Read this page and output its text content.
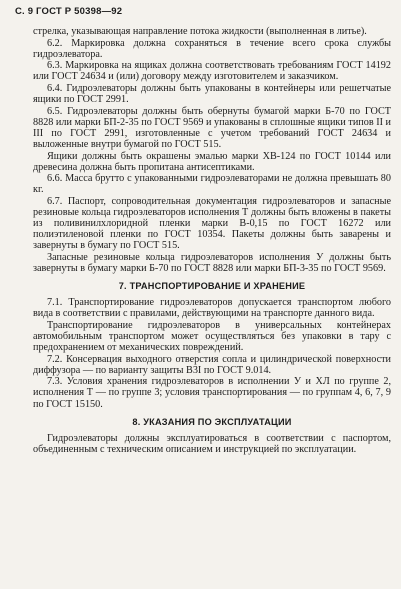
С. 9 ГОСТ Р 50398—92

стрелка, указывающая направление потока жидкости (выполненная в литье).

6.2. Маркировка должна сохраняться в течение всего срока службы гидроэлеватора.

6.3. Маркировка на ящиках должна соответствовать требованиям ГОСТ 14192 или ГОСТ 24634 и (или) договору между изготовителем и заказчиком.

6.4. Гидроэлеваторы должны быть упакованы в контейнеры или решетчатые ящики по ГОСТ 2991.

6.5. Гидроэлеваторы должны быть обернуты бумагой марки Б-70 по ГОСТ 8828 или марки БП-2-35 по ГОСТ 9569 и упакованы в сплошные ящики типов II и III по ГОСТ 2991, изготовленные с учетом требований ГОСТ 24634 и выложенные внутри бумагой по ГОСТ 515.

Ящики должны быть окрашены эмалью марки ХВ-124 по ГОСТ 10144 или древесина должна быть пропитана антисептиками.

6.6. Масса брутто с упакованными гидроэлеваторами не должна превышать 80 кг.

6.7. Паспорт, сопроводительная документация гидроэлеваторов и запасные резиновые кольца гидроэлеваторов исполнения Т должны быть вложены в пакеты из поливинилхлоридной пленки марки В-0,15 по ГОСТ 16272 или полиэтиленовой пленки по ГОСТ 10354. Пакеты должны быть заварены и завернуты в бумагу по ГОСТ 515.

Запасные резиновые кольца гидроэлеваторов исполнения У должны быть завернуты в бумагу марки Б-70 по ГОСТ 8828 или марки БП-3-35 по ГОСТ 9569.

7. ТРАНСПОРТИРОВАНИЕ И ХРАНЕНИЕ

7.1. Транспортирование гидроэлеваторов допускается транспортом любого вида в соответствии с правилами, действующими на транспорте данного вида.

Транспортирование гидроэлеваторов в универсальных контейнерах автомобильным транспортом может осуществляться без упаковки в тару с предохранением от механических повреждений.

7.2. Консервация выходного отверстия сопла и цилиндрической поверхности диффузора — по варианту защиты В3I по ГОСТ 9.014.

7.3. Условия хранения гидроэлеваторов в исполнении У и ХЛ по группе 2, исполнения Т — по группе 3; условия транспортирования — по группам 4, 6, 7, 9 по ГОСТ 15150.

8. УКАЗАНИЯ ПО ЭКСПЛУАТАЦИИ

Гидроэлеваторы должны эксплуатироваться в соответствии с паспортом, объединенным с техническим описанием и инструкцией по эксплуатации.
